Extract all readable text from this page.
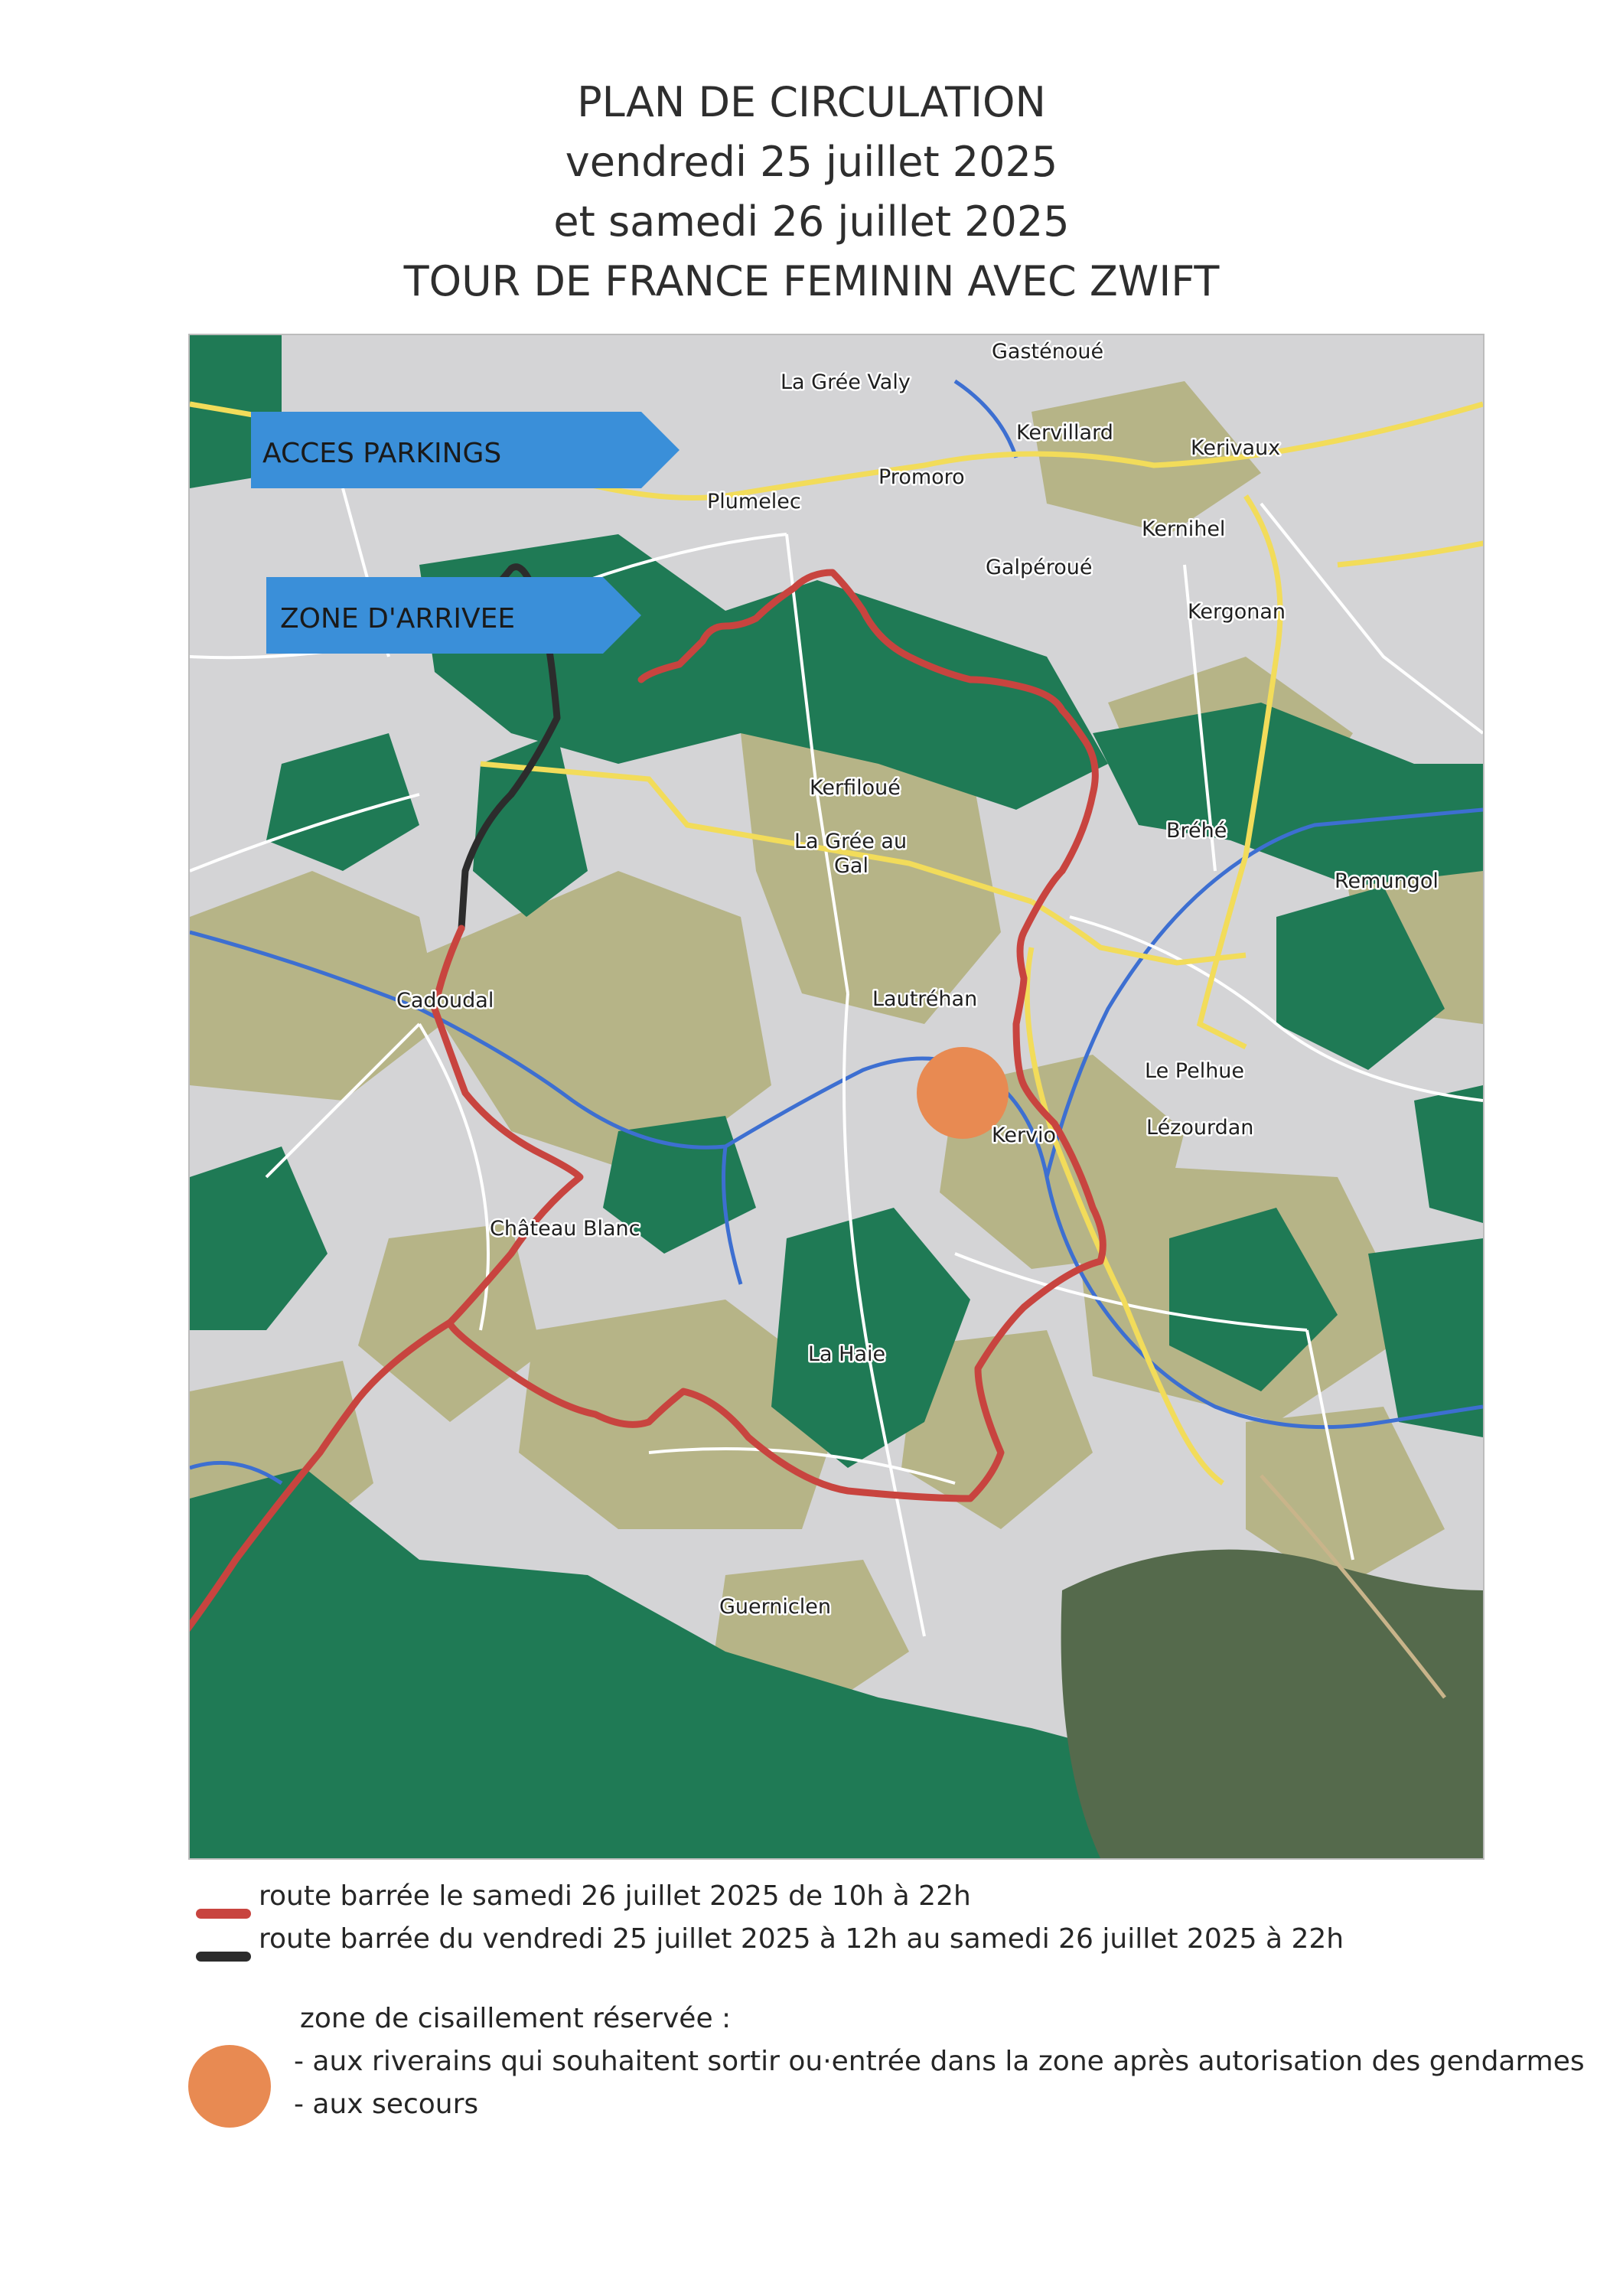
PLAN DE CIRCULATION
vendredi 25 juillet 2025
et samedi 26 juillet 2025
TOUR DE FRANCE FEMININ AVEC ZWIFT
ACCES PARKINGS
ZONE D'ARRIVEE
La Grée Valy
Gasténoué
Kervillard
Kerivaux
Plumelec
Promoro
Kernihel
Galpéroué
Kergonan
Kerfiloué
La Grée au
Gal
Bréhé
Remungol
Cadoudal	Lautréhan
Le Pelhue
Kervio	Lézourdan
Château Blanc
La Haie
Guerniclen
route barrée le samedi 26 juillet 2025 de 10h à 22h
route barrée du vendredi 25 juillet 2025 à 12h au samedi 26 juillet 2025 à 22h
zone de cisaillement réservée :
- aux riverains qui souhaitent sortir ou·entrée dans la zone après autorisation des gendarmes
- aux secours
